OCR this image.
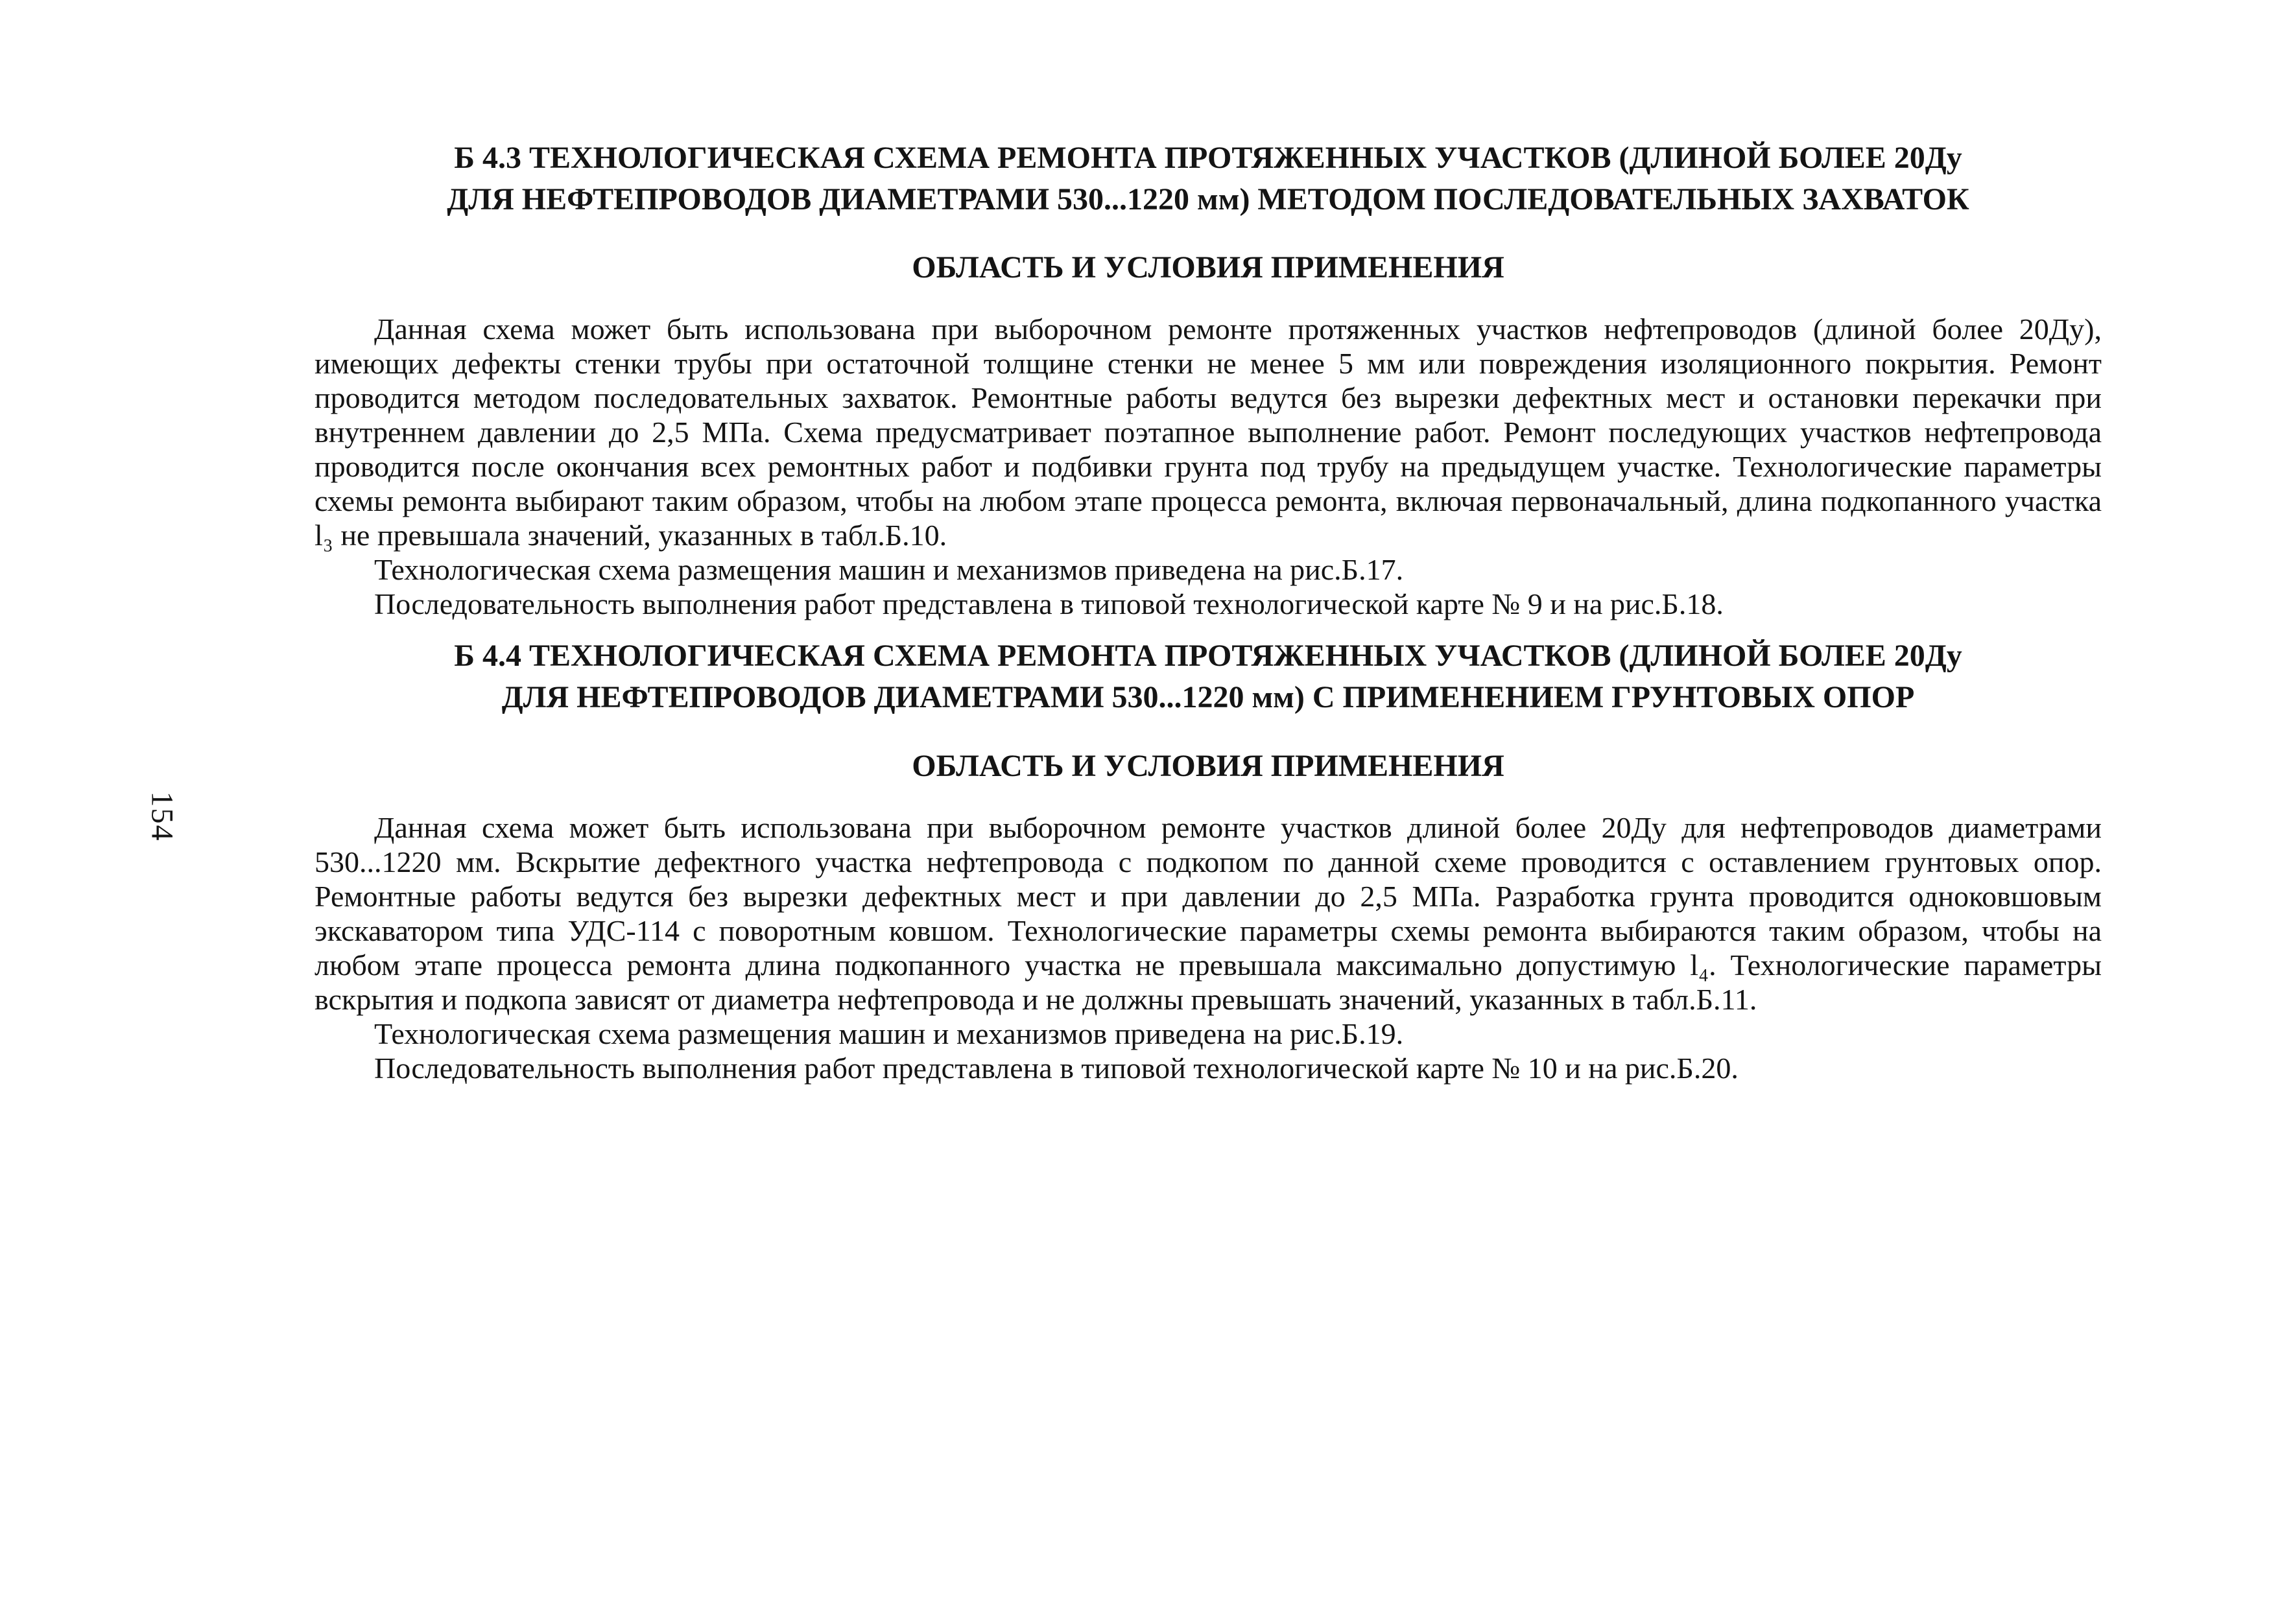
154
Б 4.3 ТЕХНОЛОГИЧЕСКАЯ СХЕМА РЕМОНТА ПРОТЯЖЕННЫХ УЧАСТКОВ (ДЛИНОЙ БОЛЕЕ 20Ду
ДЛЯ НЕФТЕПРОВОДОВ ДИАМЕТРАМИ 530...1220 мм) МЕТОДОМ ПОСЛЕДОВАТЕЛЬНЫХ ЗАХВАТОК
ОБЛАСТЬ И УСЛОВИЯ ПРИМЕНЕНИЯ

Данная схема может быть использована при выборочном ремонте протяженных участков нефтепроводов (длиной более 20Ду), имеющих дефекты стенки трубы при остаточной толщине стенки не менее 5 мм или повреждения изоляционного покрытия. Ремонт проводится методом последовательных захваток. Ремонтные работы ведутся без вырезки дефектных мест и остановки перекачки при внутреннем давлении до 2,5 МПа. Схема предусматривает поэтапное выполнение работ. Ремонт последующих участков нефтепровода проводится после окончания всех ремонтных работ и подбивки грунта под трубу на предыдущем участке. Технологические параметры схемы ремонта выбирают таким образом, чтобы на любом этапе процесса ремонта, включая первоначальный, длина подкопанного участка l₃ не превышала значений, указанных в табл.Б.10.

Технологическая схема размещения машин и механизмов приведена на рис.Б.17.

Последовательность выполнения работ представлена в типовой технологической карте № 9 и на рис.Б.18.

Б 4.4 ТЕХНОЛОГИЧЕСКАЯ СХЕМА РЕМОНТА ПРОТЯЖЕННЫХ УЧАСТКОВ (ДЛИНОЙ БОЛЕЕ 20Ду
ДЛЯ НЕФТЕПРОВОДОВ ДИАМЕТРАМИ 530...1220 мм) С ПРИМЕНЕНИЕМ ГРУНТОВЫХ ОПОР
ОБЛАСТЬ И УСЛОВИЯ ПРИМЕНЕНИЯ

Данная схема может быть использована при выборочном ремонте участков длиной более 20Ду для нефтепроводов диаметрами 530...1220 мм. Вскрытие дефектного участка нефтепровода с подкопом по данной схеме проводится с оставлением грунтовых опор. Ремонтные работы ведутся без вырезки дефектных мест и при давлении до 2,5 МПа. Разработка грунта проводится одноковшовым экскаватором типа УДС-114 с поворотным ковшом. Технологические параметры схемы ремонта выбираются таким образом, чтобы на любом этапе процесса ремонта длина подкопанного участка не превышала максимально допустимую l₄. Технологические параметры вскрытия и подкопа зависят от диаметра нефтепровода и не должны превышать значений, указанных в табл.Б.11.

Технологическая схема размещения машин и механизмов приведена на рис.Б.19.

Последовательность выполнения работ представлена в типовой технологической карте № 10 и на рис.Б.20.
